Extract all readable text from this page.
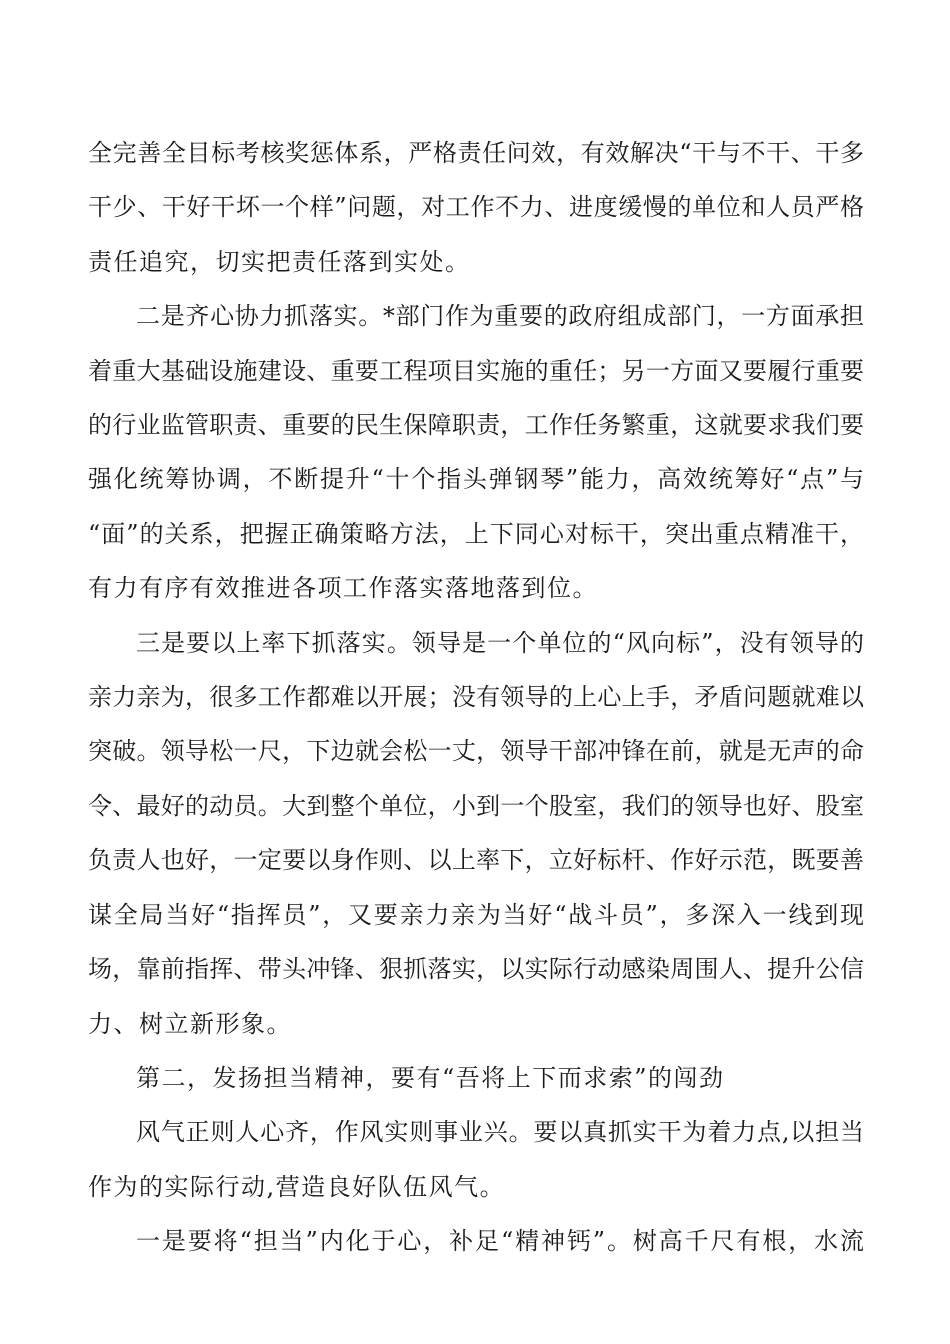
全完善全目标考核奖惩体系，严格责任问效，有效解决“干与不干、干多
干少、干好干坏一个样”问题，对工作不力、进度缓慢的单位和人员严格
责任追究，切实把责任落到实处。
二是齐心协力抓落实。*部门作为重要的政府组成部门，一方面承担
着重大基础设施建设、重要工程项目实施的重任；另一方面又要履行重要
的行业监管职责、重要的民生保障职责，工作任务繁重，这就要求我们要
强化统筹协调，不断提升“十个指头弹钢琴”能力，高效统筹好“点”与
“面”的关系，把握正确策略方法，上下同心对标干，突出重点精准干，
有力有序有效推进各项工作落实落地落到位。
三是要以上率下抓落实。领导是一个单位的“风向标”，没有领导的
亲力亲为，很多工作都难以开展；没有领导的上心上手，矛盾问题就难以
突破。领导松一尺，下边就会松一丈，领导干部冲锋在前，就是无声的命
令、最好的动员。大到整个单位，小到一个股室，我们的领导也好、股室
负责人也好，一定要以身作则、以上率下，立好标杆、作好示范，既要善
谋全局当好“指挥员”，又要亲力亲为当好“战斗员”，多深入一线到现
场，靠前指挥、带头冲锋、狠抓落实，以实际行动感染周围人、提升公信
力、树立新形象。
第二，发扬担当精神，要有“吾将上下而求索”的闯劲
风气正则人心齐，作风实则事业兴。要以真抓实干为着力点,以担当
作为的实际行动,营造良好队伍风气。
一是要将“担当”内化于心，补足“精神钙”。树高千尺有根，水流
